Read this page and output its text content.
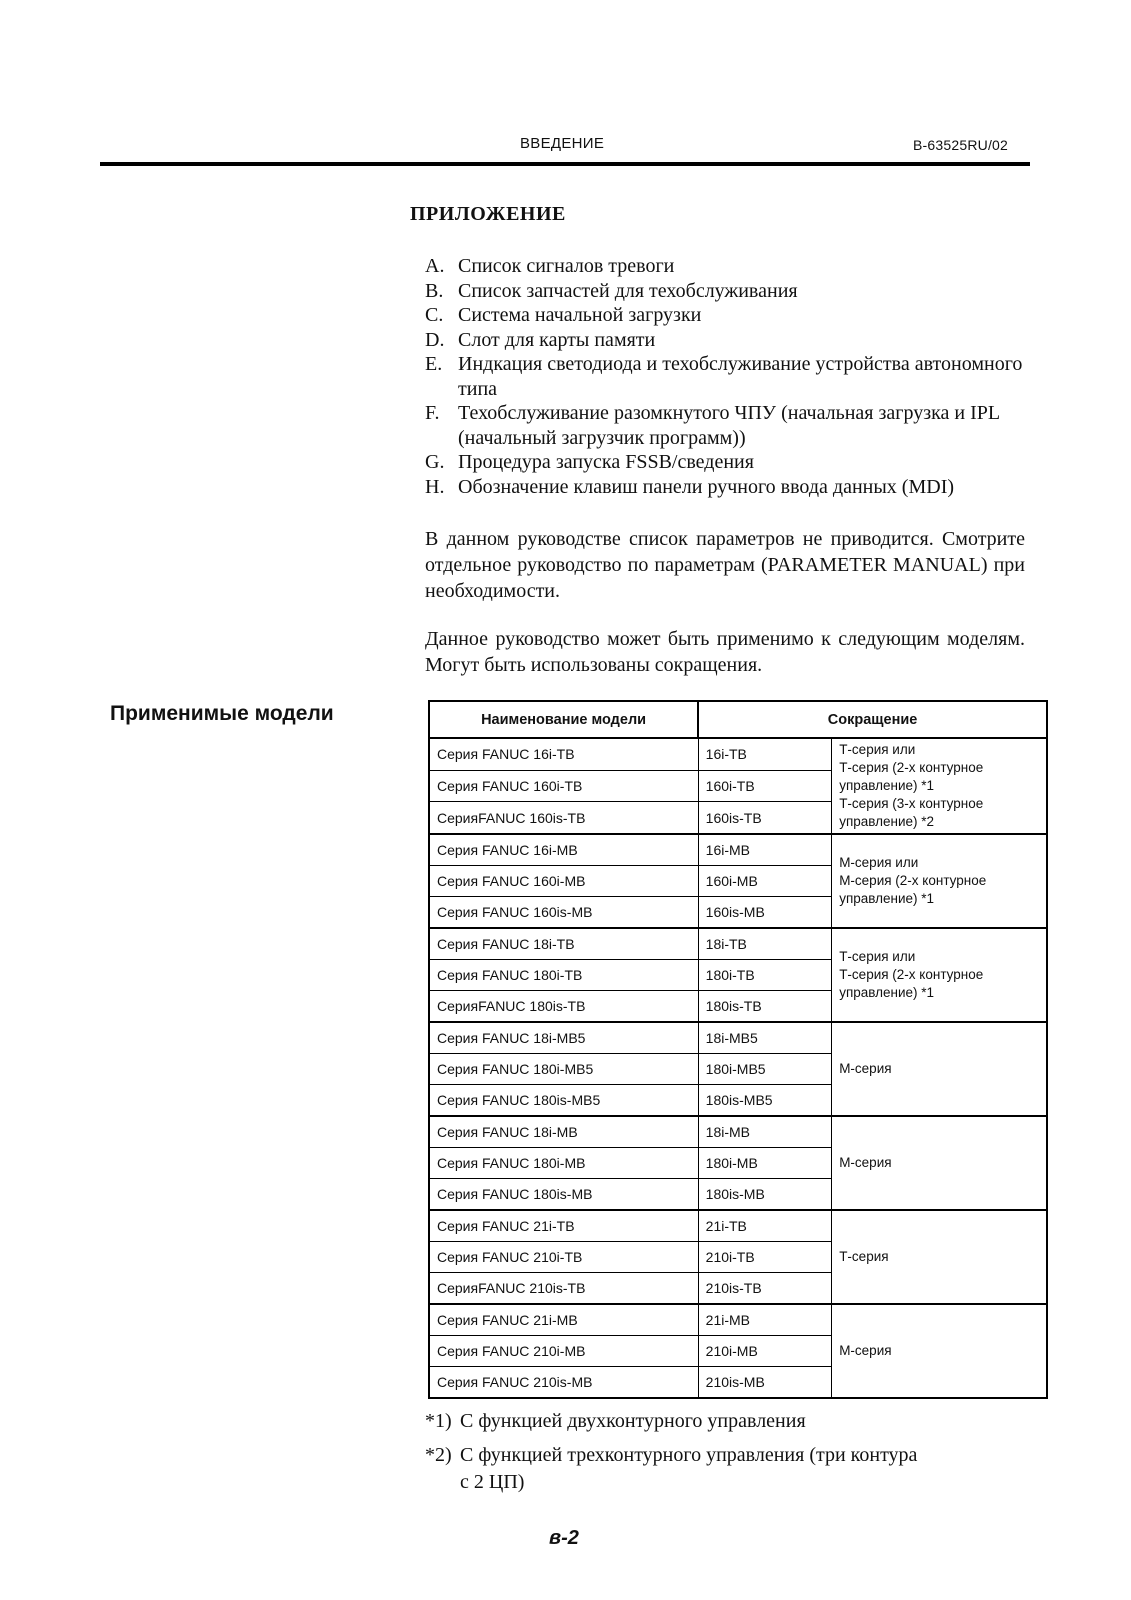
ВВЕДЕНИЕ	B-63525RU/02
ПРИЛОЖЕНИЕ
A. Список сигналов тревоги
B. Список запчастей для техобслуживания
C. Система начальной загрузки
D. Слот для карты памяти
E. Индкация светодиода и техобслуживание устройства автономного типа
F. Техобслуживание разомкнутого ЧПУ (начальная загрузка и IPL (начальный загрузчик программ))
G. Процедура запуска FSSB/сведения
H. Обозначение клавиш панели ручного ввода данных (MDI)

В данном руководстве список параметров не приводится. Смотрите отдельное руководство по параметрам (PARAMETER MANUAL) при необходимости.

Данное руководство может быть применимо к следующим моделям. Могут быть использованы сокращения.

Применимые модели	Наименование модели	Сокращение	
Серия FANUC 16i-TB	16i-TB	Т-серия или
Т-серия (2-х контурное управление) *1
Т-серия (3-х контурное управление) *2
Серия FANUC 160i-TB	160i-TB	
СерияFANUC 160is-TB	160is-TB	
Серия FANUC 16i-MB	16i-MB	М-серия или
М-серия (2-х контурное управление) *1
Серия FANUC 160i-MB	160i-MB	
Серия FANUC 160is-MB	160is-MB	
Серия FANUC 18i-TB	18i-TB	Т-серия или
Т-серия (2-х контурное управление) *1
Серия FANUC 180i-TB	180i-TB	
СерияFANUC 180is-TB	180is-TB	
Серия FANUC 18i-MB5	18i-MB5	М-серия
Серия FANUC 180i-MB5	180i-MB5	
Серия FANUC 180is-MB5	180is-MB5	
Серия FANUC 18i-MB	18i-MB	М-серия
Серия FANUC 180i-MB	180i-MB	
Серия FANUC 180is-MB	180is-MB	
Серия FANUC 21i-TB	21i-TB	Т-серия
Серия FANUC 210i-TB	210i-TB	
СерияFANUC 210is-TB	210is-TB	
Серия FANUC 21i-MB	21i-MB	М-серия
Серия FANUC 210i-MB	210i-MB	
Серия FANUC 210is-MB	210is-MB	
*1) С функцией двухконтурного управления
*2) С функцией трехконтурного управления (три контура с 2 ЦП)
в-2
